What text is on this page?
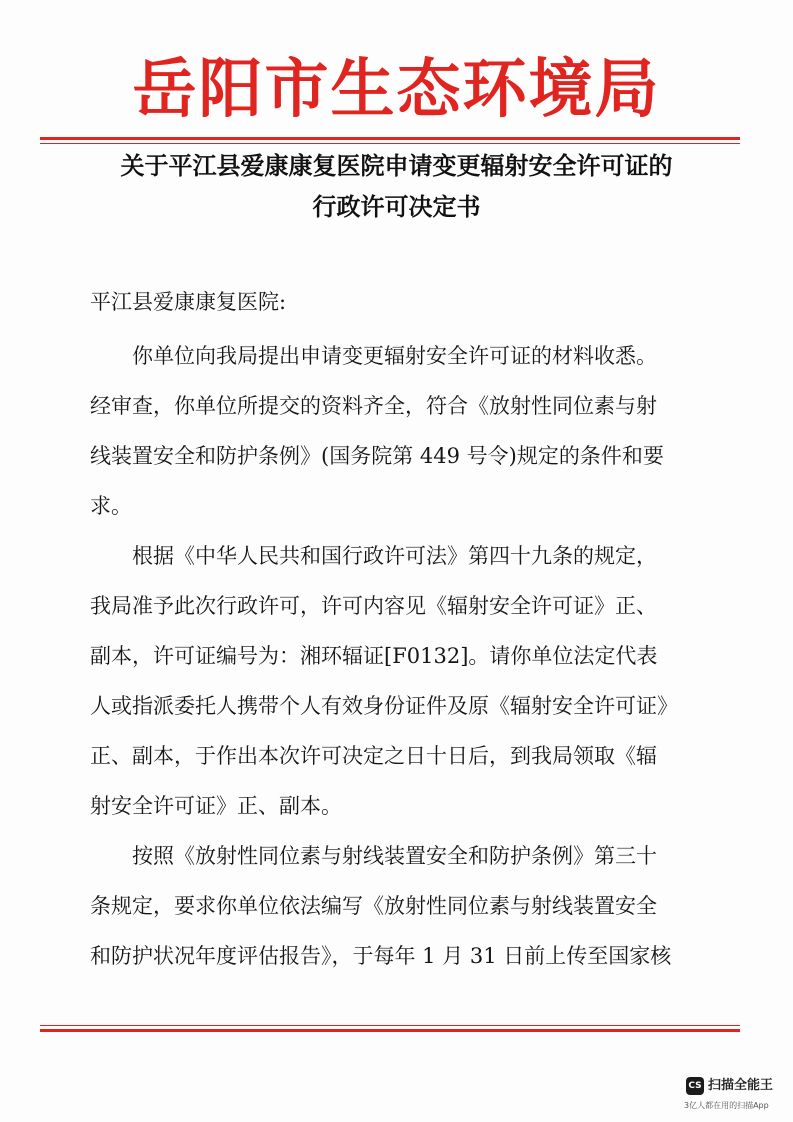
岳阳市生态环境局
关于平江县爱康康复医院申请变更辐射安全许可证的
行政许可决定书
平江县爱康康复医院:
　　你单位向我局提出申请变更辐射安全许可证的材料收悉。
经审查，你单位所提交的资料齐全，符合《放射性同位素与射
线装置安全和防护条例》(国务院第 449 号令)规定的条件和要
求。
　　根据《中华人民共和国行政许可法》第四十九条的规定，
我局准予此次行政许可，许可内容见《辐射安全许可证》正、
副本，许可证编号为：湘环辐证[F0132]。请你单位法定代表
人或指派委托人携带个人有效身份证件及原《辐射安全许可证》
正、副本，于作出本次许可决定之日十日后，到我局领取《辐
射安全许可证》正、副本。
　　按照《放射性同位素与射线装置安全和防护条例》第三十
条规定，要求你单位依法编写《放射性同位素与射线装置安全
和防护状况年度评估报告》，于每年 1 月 31 日前上传至国家核
CS 扫描全能王
3亿人都在用的扫描App
